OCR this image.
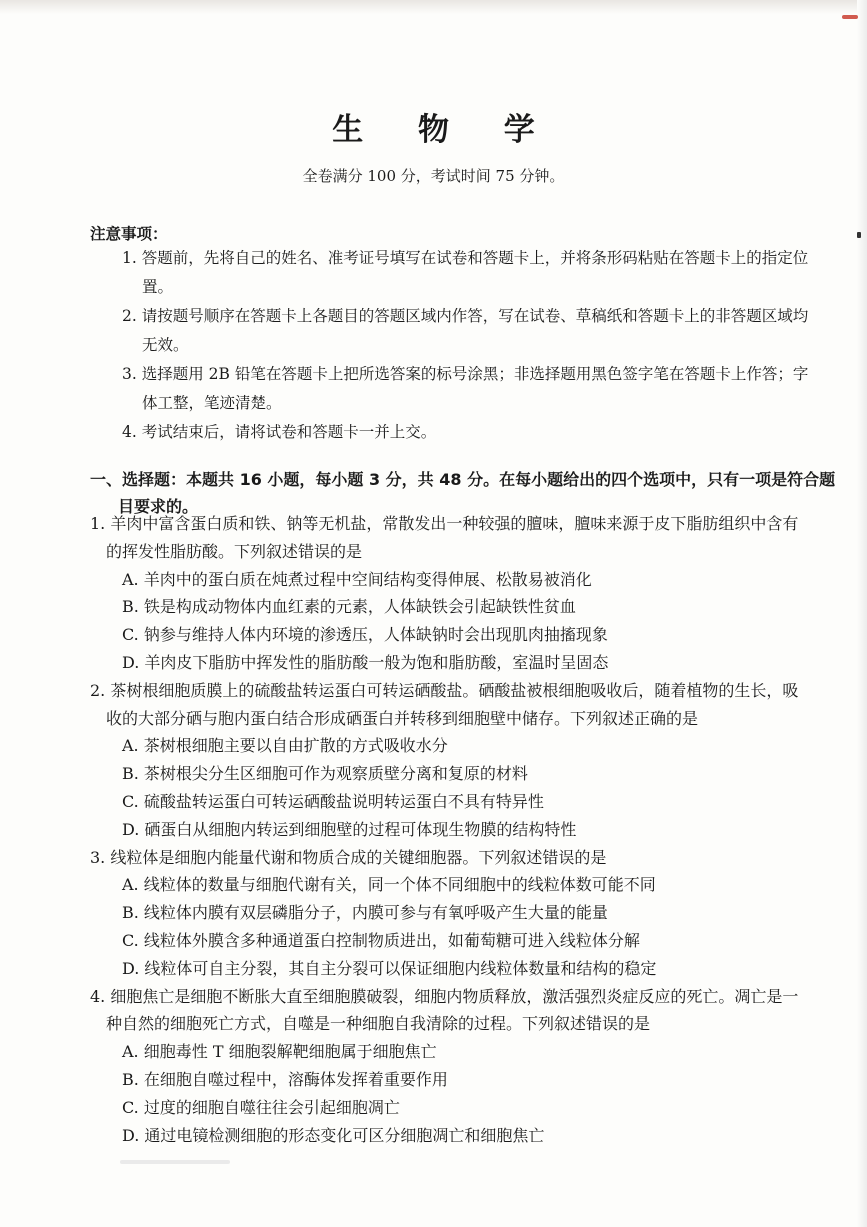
生 物 学
全卷满分 100 分，考试时间 75 分钟。
注意事项：

1. 答题前，先将自己的姓名、准考证号填写在试卷和答题卡上，并将条形码粘贴在答题卡上的指定位置。

2. 请按题号顺序在答题卡上各题目的答题区域内作答，写在试卷、草稿纸和答题卡上的非答题区域均无效。

3. 选择题用 2B 铅笔在答题卡上把所选答案的标号涂黑；非选择题用黑色签字笔在答题卡上作答；字体工整，笔迹清楚。

4. 考试结束后，请将试卷和答题卡一并上交。

一、选择题：本题共 16 小题，每小题 3 分，共 48 分。在每小题给出的四个选项中，只有一项是符合题目要求的。

1. 羊肉中富含蛋白质和铁、钠等无机盐，常散发出一种较强的膻味，膻味来源于皮下脂肪组织中含有的挥发性脂肪酸。下列叙述错误的是

A. 羊肉中的蛋白质在炖煮过程中空间结构变得伸展、松散易被消化

B. 铁是构成动物体内血红素的元素，人体缺铁会引起缺铁性贫血

C. 钠参与维持人体内环境的渗透压，人体缺钠时会出现肌肉抽搐现象

D. 羊肉皮下脂肪中挥发性的脂肪酸一般为饱和脂肪酸，室温时呈固态

2. 茶树根细胞质膜上的硫酸盐转运蛋白可转运硒酸盐。硒酸盐被根细胞吸收后，随着植物的生长，吸收的大部分硒与胞内蛋白结合形成硒蛋白并转移到细胞壁中储存。下列叙述正确的是

A. 茶树根细胞主要以自由扩散的方式吸收水分

B. 茶树根尖分生区细胞可作为观察质壁分离和复原的材料

C. 硫酸盐转运蛋白可转运硒酸盐说明转运蛋白不具有特异性

D. 硒蛋白从细胞内转运到细胞壁的过程可体现生物膜的结构特性

3. 线粒体是细胞内能量代谢和物质合成的关键细胞器。下列叙述错误的是

A. 线粒体的数量与细胞代谢有关，同一个体不同细胞中的线粒体数可能不同

B. 线粒体内膜有双层磷脂分子，内膜可参与有氧呼吸产生大量的能量

C. 线粒体外膜含多种通道蛋白控制物质进出，如葡萄糖可进入线粒体分解

D. 线粒体可自主分裂，其自主分裂可以保证细胞内线粒体数量和结构的稳定

4. 细胞焦亡是细胞不断胀大直至细胞膜破裂，细胞内物质释放，激活强烈炎症反应的死亡。凋亡是一种自然的细胞死亡方式，自噬是一种细胞自我清除的过程。下列叙述错误的是

A. 细胞毒性 T 细胞裂解靶细胞属于细胞焦亡

B. 在细胞自噬过程中，溶酶体发挥着重要作用

C. 过度的细胞自噬往往会引起细胞凋亡

D. 通过电镜检测细胞的形态变化可区分细胞凋亡和细胞焦亡
